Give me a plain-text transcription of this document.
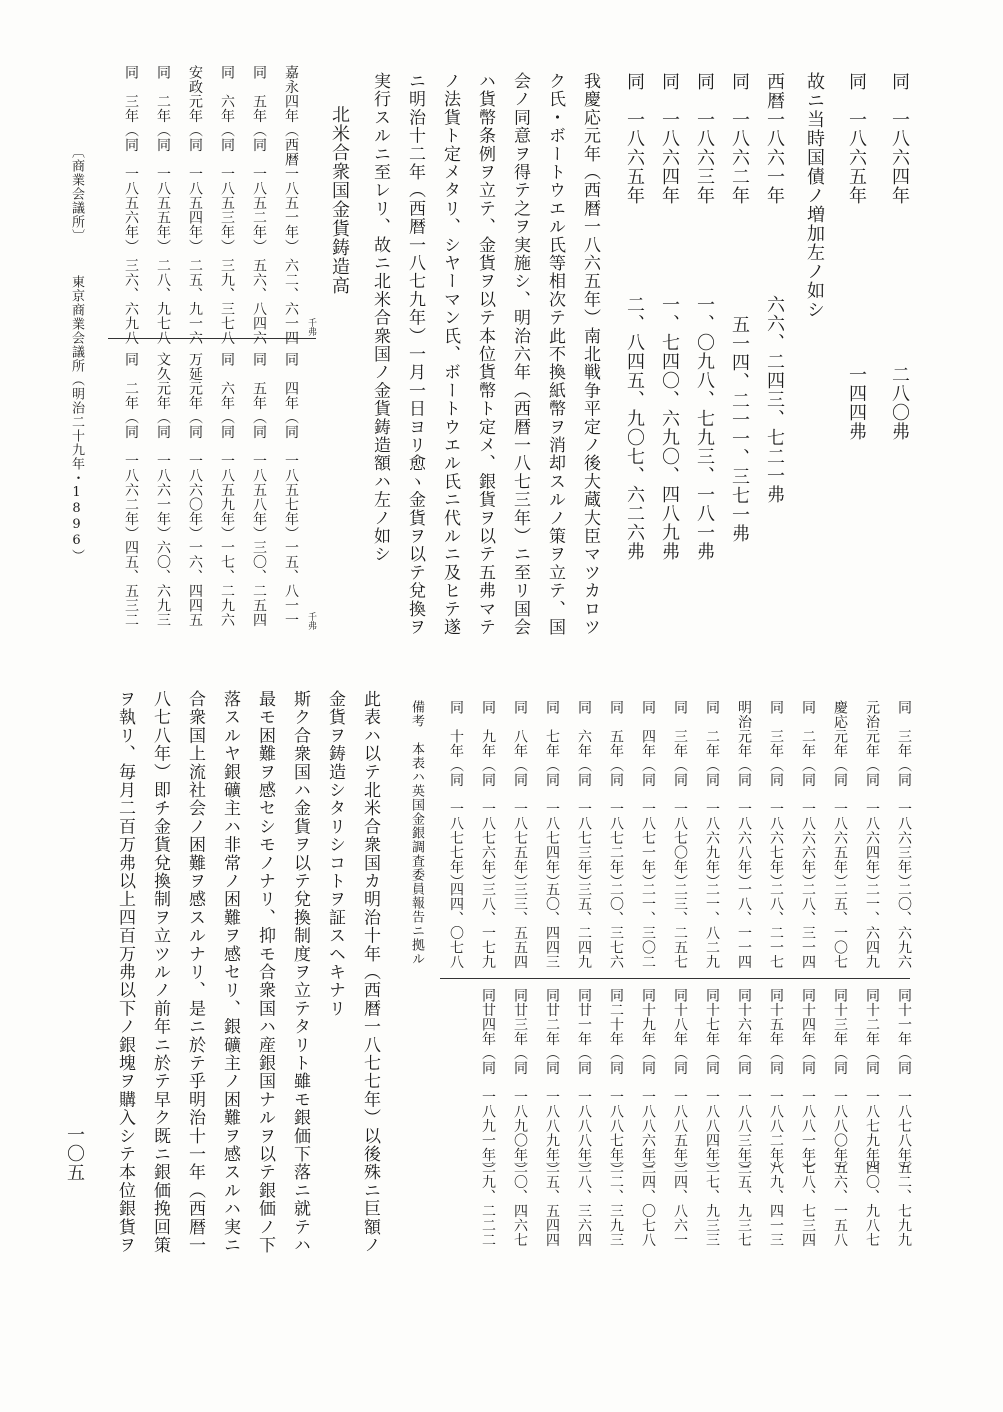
同　一八六四年
二八〇弗
同　一八六五年
一四四弗
故ニ当時国債ノ増加左ノ如シ
西暦一八六一年
六六、二四三、七二一弗
同　一八六二年
五一四、二一一、三七一弗
同　一八六三年
一、〇九八、七九三、一八一弗
同　一八六四年
一、七四〇、六九〇、四八九弗
同　一八六五年
二、八四五、九〇七、六二六弗
我慶応元年（西暦一八六五年）南北戦争平定ノ後大蔵大臣マツカロツ
ク氏・ボートウエル氏等相次テ此不換紙幣ヲ消却スルノ策ヲ立テ、国
会ノ同意ヲ得テ之ヲ実施シ、明治六年（西暦一八七三年）ニ至リ国会
ハ貨幣条例ヲ立テ、金貨ヲ以テ本位貨幣ト定メ、銀貨ヲ以テ五弗マテ
ノ法貨ト定メタリ、シヤーマン氏、ボートウエル氏ニ代ルニ及ヒテ遂
ニ明治十二年（西暦一八七九年）一月一日ヨリ愈ヽ金貨ヲ以テ兌換ヲ
実行スルニ至レリ、故ニ北米合衆国ノ金貨鋳造額ハ左ノ如シ
北米合衆国金貨鋳造高
千弗
千弗
嘉永四年（西暦一八五一年）
六二、六一四
同　五年（同　一八五二年）
五六、八四六
同　六年（同　一八五三年）
三九、三七八
安政元年（同　一八五四年）
二五、九一六
同　二年（同　一八五五年）
二八、九七八
同　三年（同　一八五六年）
三六、六九八
同　四年（同　一八五七年）
一五、八一一
同　五年（同　一八五八年）
三〇、二五四
同　六年（同　一八五九年）
一七、二九六
万延元年（同　一八六〇年）
一六、四四五
文久元年（同　一八六一年）
六〇、六九三
同　二年（同　一八六二年）
四五、五三二
〔商業会議所〕
東京商業会議所（明治二十九年・1896）
同　三年（同　一八六三年）
二〇、六九六
元治元年（同　一八六四年）
二一、六四九
慶応元年（同　一八六五年）
二五、一〇七
同　二年（同　一八六六年）
二八、三一四
同　三年（同　一八六七年）
二八、二一七
明治元年（同　一八六八年）
一八、一一四
同　二年（同　一八六九年）
二一、八二九
同　三年（同　一八七〇年）
二三、二五七
同　四年（同　一八七一年）
二一、三〇二
同　五年（同　一八七二年）
二〇、三七六
同　六年（同　一八七三年）
三五、二四九
同　七年（同　一八七四年）
五〇、四四三
同　八年（同　一八七五年）
三三、五五四
同　九年（同　一八七六年）
三八、一七九
同　十年（同　一八七七年）
四四、〇七八
同十一年（同　一八七八年）
五二、七九九
同十二年（同　一八七九年）
四〇、九八七
同十三年（同　一八八〇年）
五六、一五八
同十四年（同　一八八一年）
七八、七三四
同十五年（同　一八八二年）
八九、四一三
同十六年（同　一八八三年）
三五、九三七
同十七年（同　一八八四年）
二七、九三三
同十八年（同　一八八五年）
二四、八六一
同十九年（同　一八八六年）
三四、〇七八
同二十年（同　一八八七年）
二二、三九三
同廿一年（同　一八八八年）
二八、三六四
同廿二年（同　一八八九年）
二五、五四四
同廿三年（同　一八九〇年）
二〇、四六七
同廿四年（同　一八九一年）
二九、二二二
備考　本表ハ英国金銀調査委員報告ニ拠ル
此表ハ以テ北米合衆国カ明治十年（西暦一八七七年）以後殊ニ巨額ノ
金貨ヲ鋳造シタリシコトヲ証スヘキナリ
斯ク合衆国ハ金貨ヲ以テ兌換制度ヲ立テタリト雖モ銀価下落ニ就テハ
最モ困難ヲ感セシモノナリ、抑モ合衆国ハ産銀国ナルヲ以テ銀価ノ下
落スルヤ銀礦主ハ非常ノ困難ヲ感セリ、銀礦主ノ困難ヲ感スルハ実ニ
合衆国上流社会ノ困難ヲ感スルナリ、是ニ於テ乎明治十一年（西暦一
八七八年）即チ金貨兌換制ヲ立ツルノ前年ニ於テ早ク既ニ銀価挽回策
ヲ執リ、毎月二百万弗以上四百万弗以下ノ銀塊ヲ購入シテ本位銀貨ヲ
一〇五
